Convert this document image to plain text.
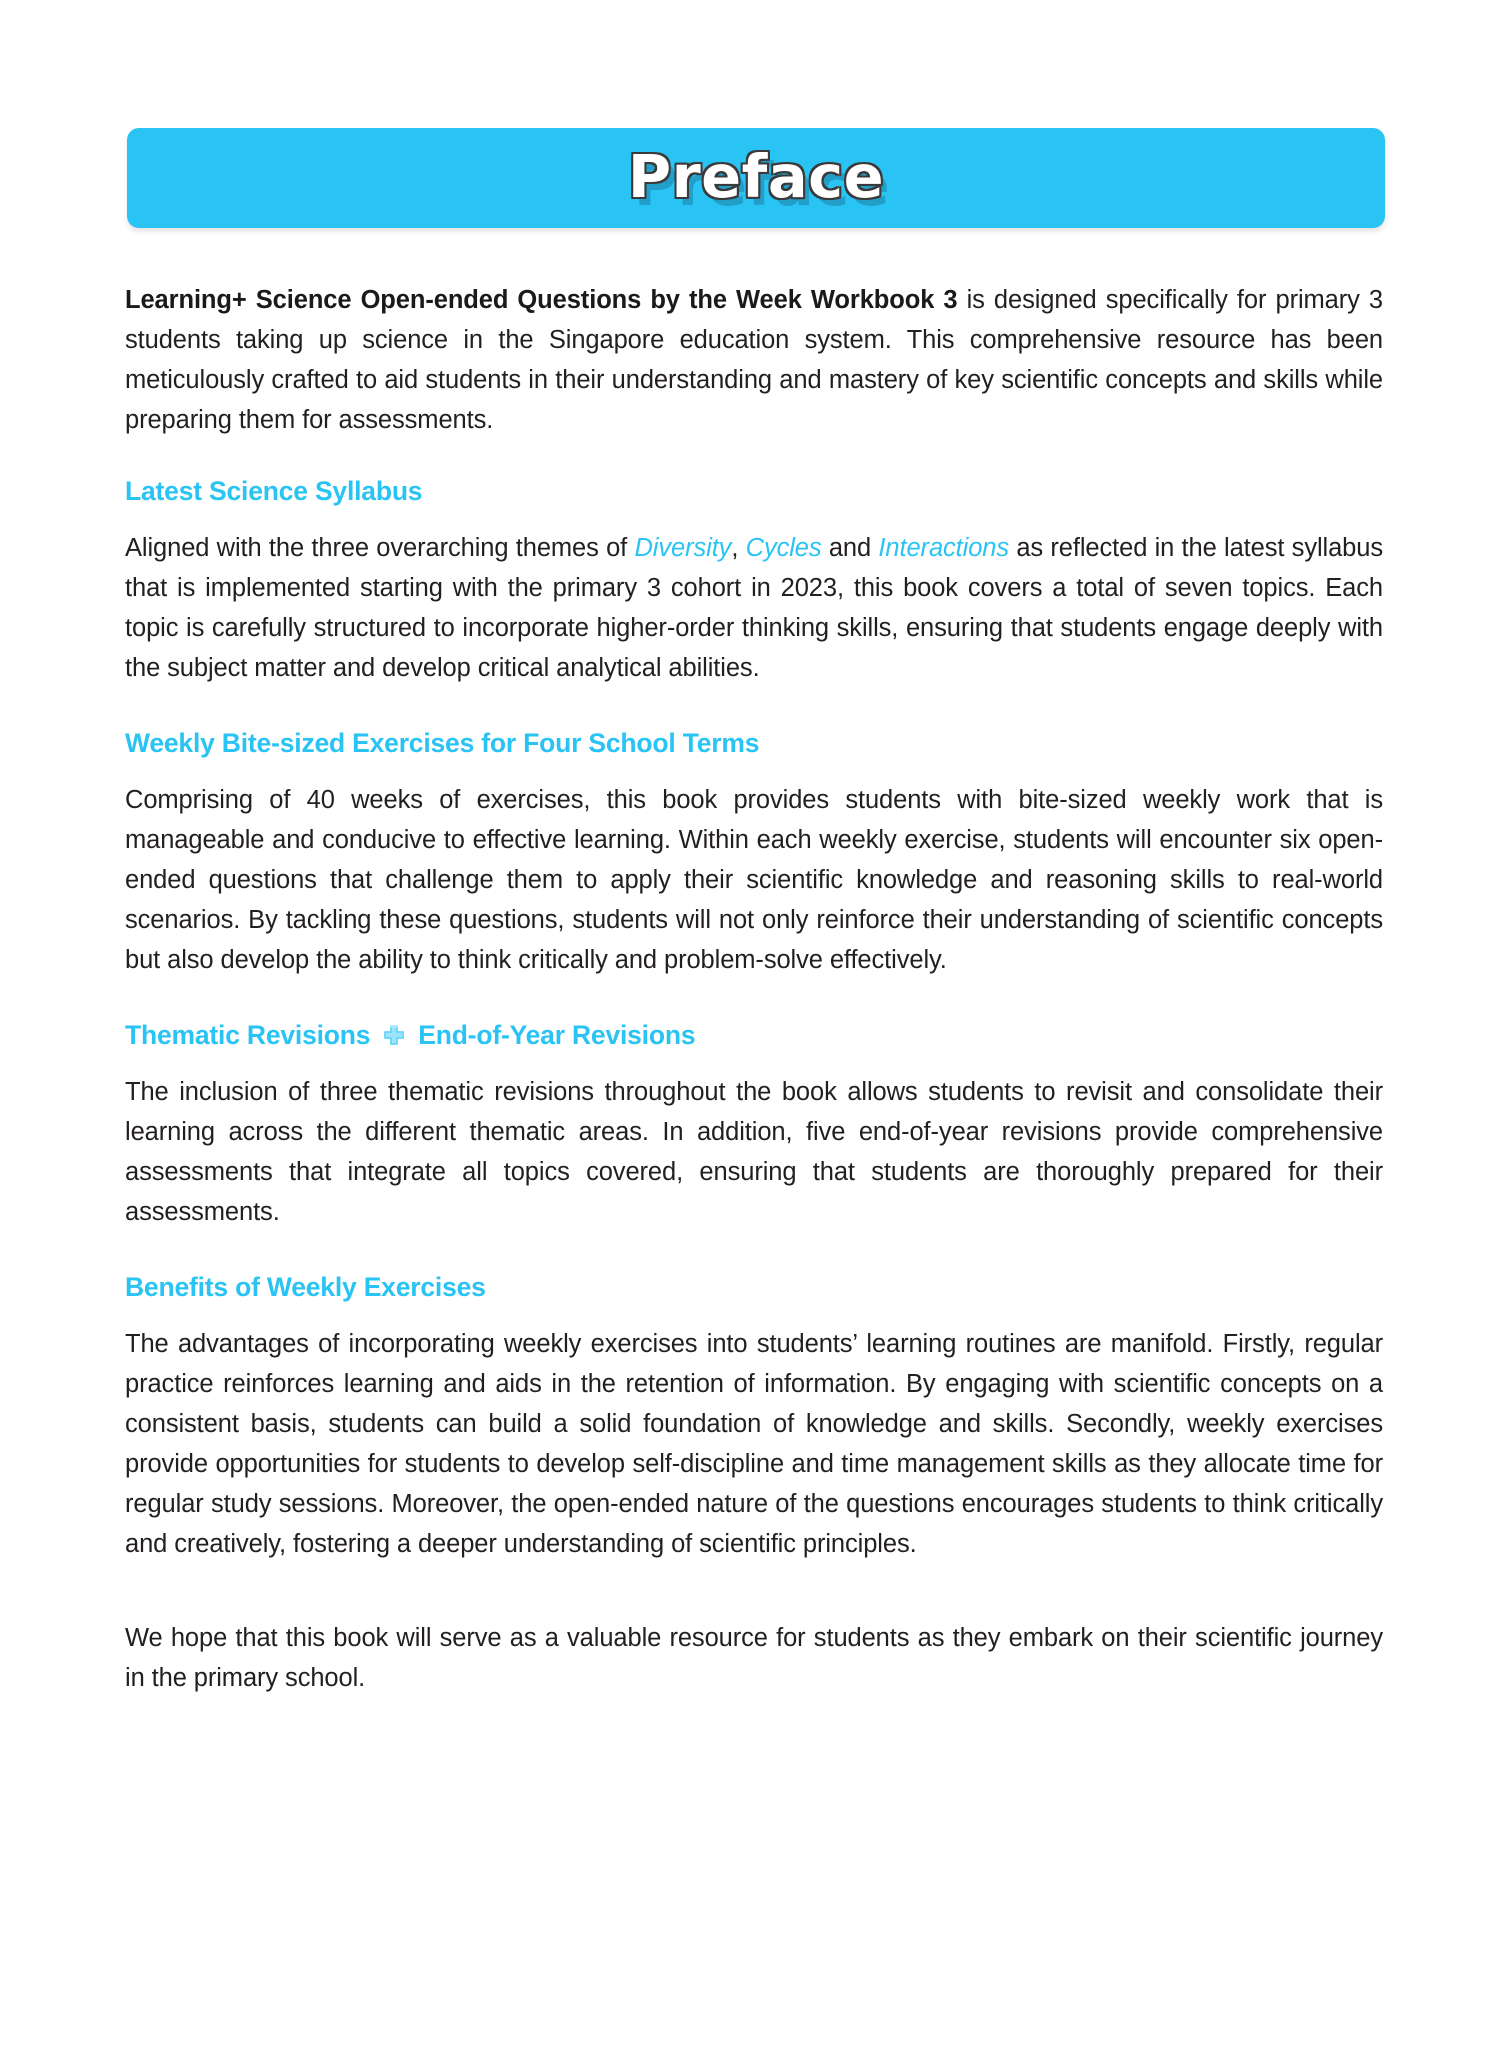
Preface

Learning+ Science Open-ended Questions by the Week Workbook 3 is designed specifically for primary 3 students taking up science in the Singapore education system. This comprehensive resource has been meticulously crafted to aid students in their understanding and mastery of key scientific concepts and skills while preparing them for assessments.

Latest Science Syllabus

Aligned with the three overarching themes of Diversity, Cycles and Interactions as reflected in the latest syllabus that is implemented starting with the primary 3 cohort in 2023, this book covers a total of seven topics. Each topic is carefully structured to incorporate higher-order thinking skills, ensuring that students engage deeply with the subject matter and develop critical analytical abilities.

Weekly Bite-sized Exercises for Four School Terms

Comprising of 40 weeks of exercises, this book provides students with bite-sized weekly work that is manageable and conducive to effective learning. Within each weekly exercise, students will encounter six open-ended questions that challenge them to apply their scientific knowledge and reasoning skills to real-world scenarios. By tackling these questions, students will not only reinforce their understanding of scientific concepts but also develop the ability to think critically and problem-solve effectively.

Thematic Revisions End-of-Year Revisions

The inclusion of three thematic revisions throughout the book allows students to revisit and consolidate their learning across the different thematic areas. In addition, five end-of-year revisions provide comprehensive assessments that integrate all topics covered, ensuring that students are thoroughly prepared for their assessments.

Benefits of Weekly Exercises

The advantages of incorporating weekly exercises into students’ learning routines are manifold. Firstly, regular practice reinforces learning and aids in the retention of information. By engaging with scientific concepts on a consistent basis, students can build a solid foundation of knowledge and skills. Secondly, weekly exercises provide opportunities for students to develop self-discipline and time management skills as they allocate time for regular study sessions. Moreover, the open-ended nature of the questions encourages students to think critically and creatively, fostering a deeper understanding of scientific principles.

We hope that this book will serve as a valuable resource for students as they embark on their scientific journey in the primary school.
